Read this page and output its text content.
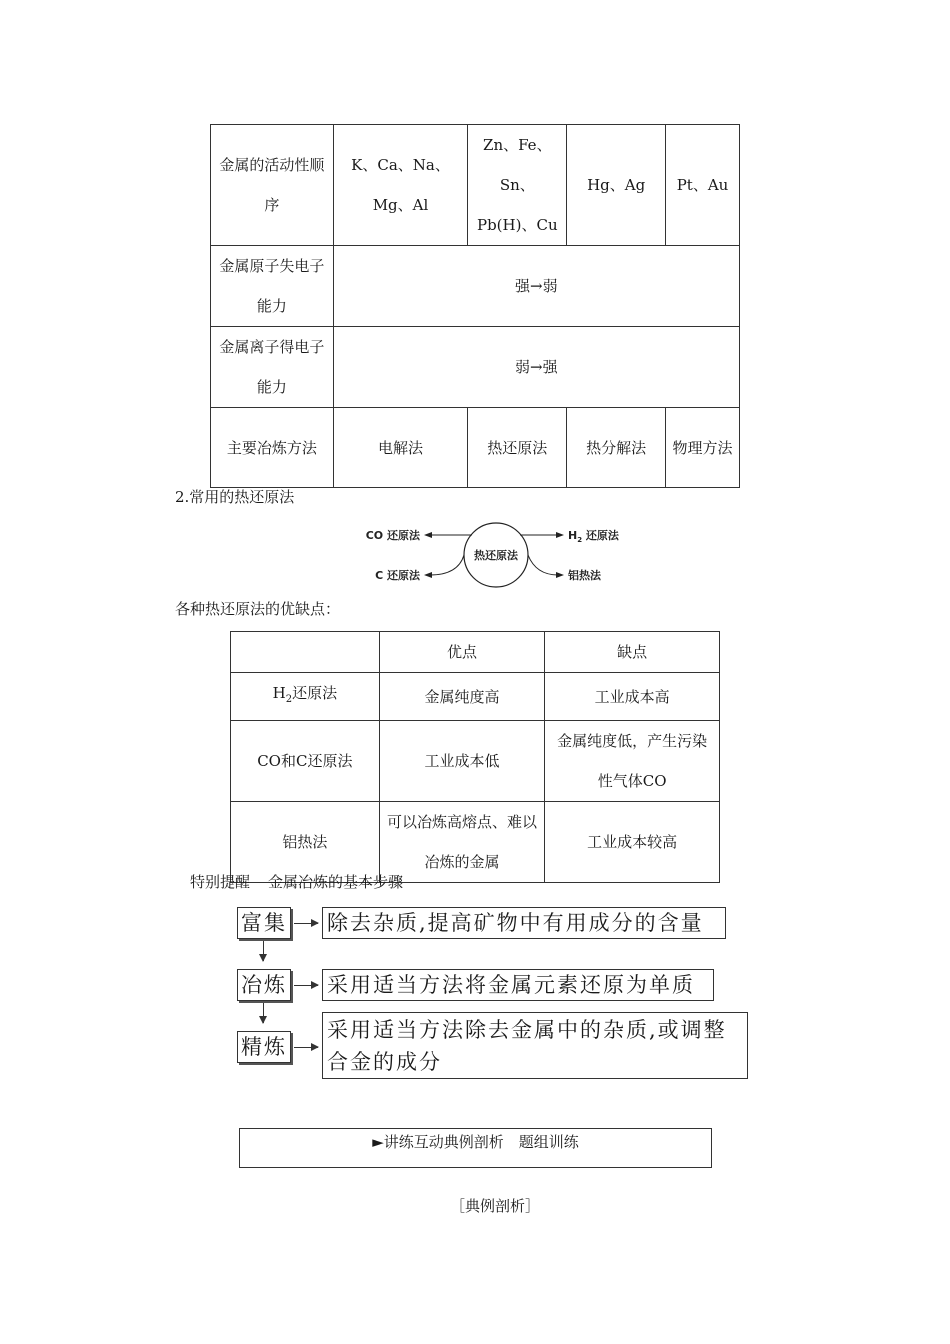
金属的活动性顺序	K、Ca、Na、Mg、Al	Zn、Fe、Sn、Pb(H)、Cu	Hg、Ag	Pt、Au
金属原子失电子能力	强→弱			
金属离子得电子能力	弱→强			
主要冶炼方法	电解法	热还原法	热分解法	物理方法
2.常用的热还原法
热还原法
CO 还原法
C 还原法
$H_2$ 还原法
铝热法
各种热还原法的优缺点：
	优点	缺点
$H_2$还原法	金属纯度高	工业成本高
CO和C还原法	工业成本低	金属纯度低，产生污染性气体CO
铝热法	可以冶炼高熔点、难以冶炼的金属	工业成本较高
特别提醒 金属冶炼的基本步骤
富集 除去杂质,提高矿物中有用成分的含量
冶炼 采用适当方法将金属元素还原为单质
精炼
采用适当方法除去金属中的杂质,或调整合金的成分
►讲练互动典例剖析　题组训练
［典例剖析］
